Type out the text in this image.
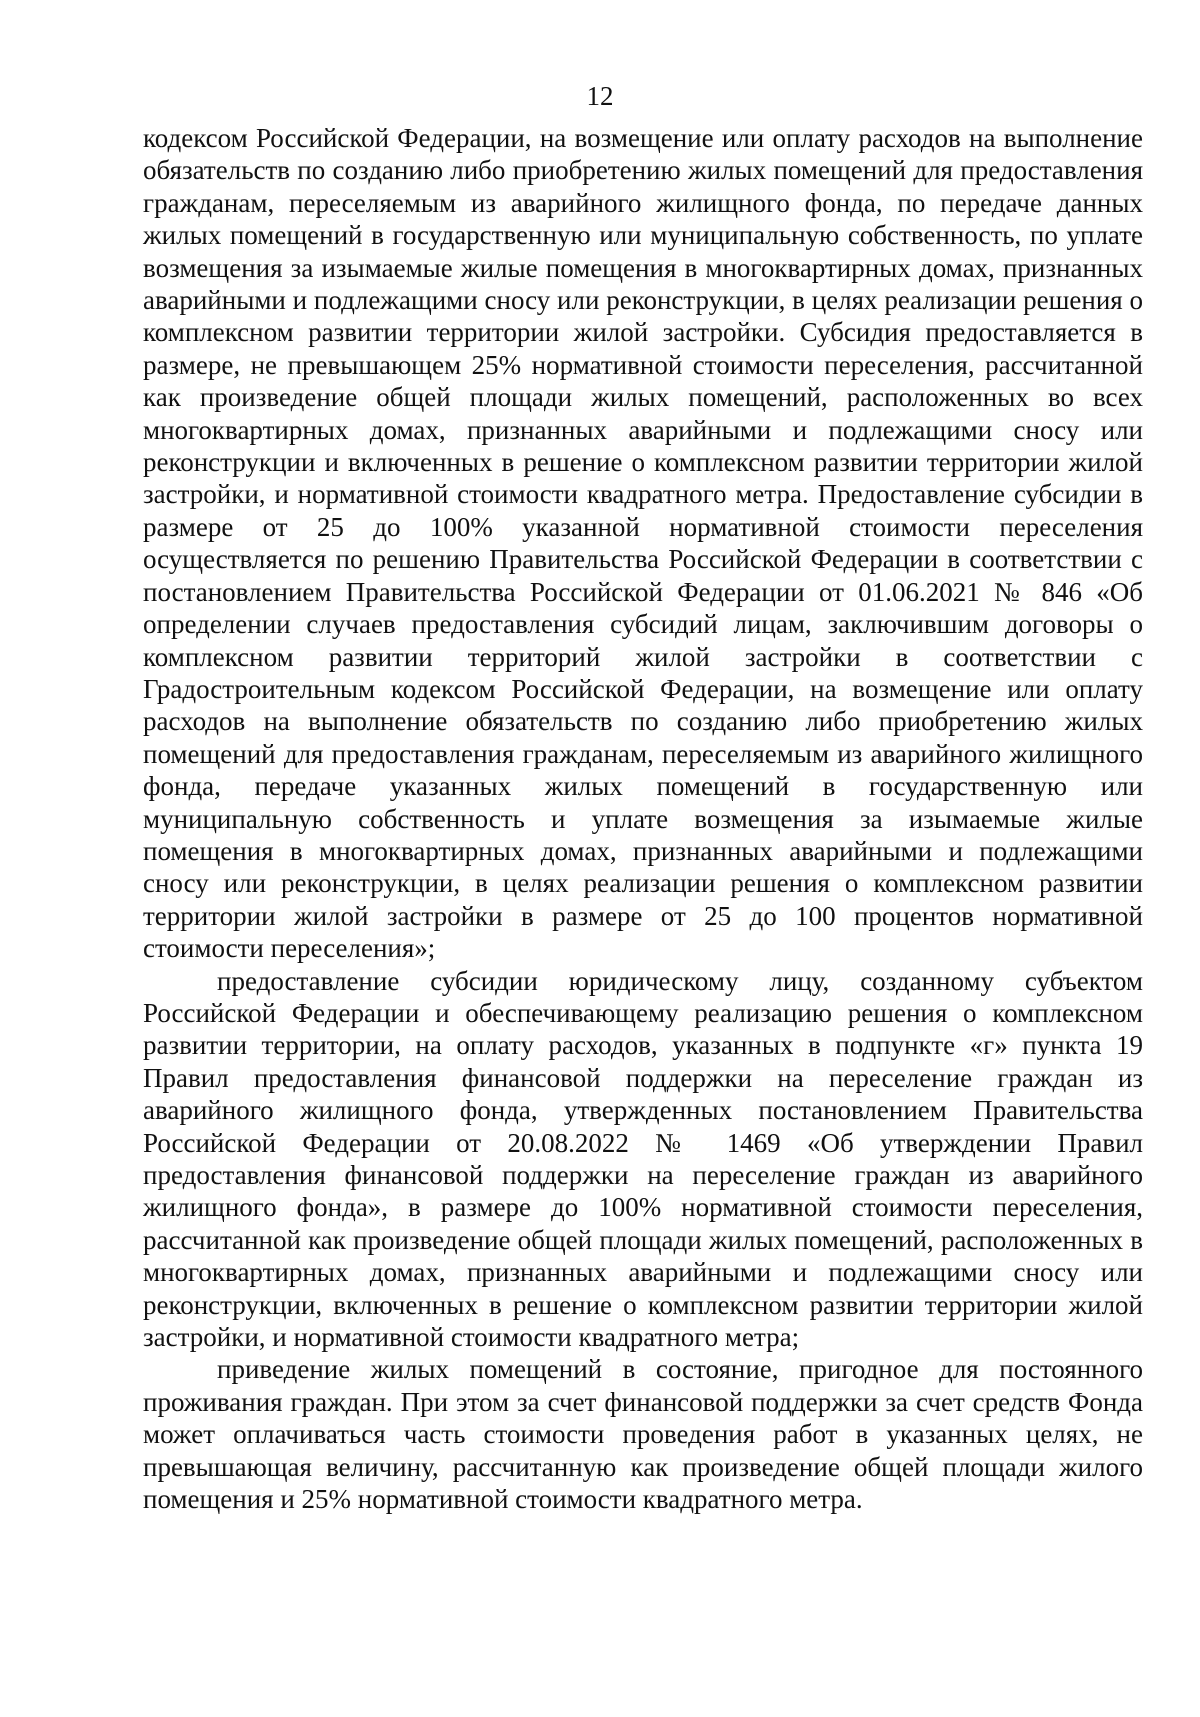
12

кодексом Российской Федерации, на возмещение или оплату расходов на выполнение обязательств по созданию либо приобретению жилых помещений для предоставления гражданам, переселяемым из аварийного жилищного фонда, по передаче данных жилых помещений в государственную или муниципальную собственность, по уплате возмещения за изымаемые жилые помещения в многоквартирных домах, признанных аварийными и подлежащими сносу или реконструкции, в целях реализации решения о комплексном развитии территории жилой застройки. Субсидия предоставляется в размере, не превышающем 25% нормативной стоимости переселения, рассчитанной как произведение общей площади жилых помещений, расположенных во всех многоквартирных домах, признанных аварийными и подлежащими сносу или реконструкции и включенных в решение о комплексном развитии территории жилой застройки, и нормативной стоимости квадратного метра. Предоставление субсидии в размере от 25 до 100% указанной нормативной стоимости переселения осуществляется по решению Правительства Российской Федерации в соответствии с постановлением Правительства Российской Федерации от 01.06.2021 № 846 «Об определении случаев предоставления субсидий лицам, заключившим договоры о комплексном развитии территорий жилой застройки в соответствии с Градостроительным кодексом Российской Федерации, на возмещение или оплату расходов на выполнение обязательств по созданию либо приобретению жилых помещений для предоставления гражданам, переселяемым из аварийного жилищного фонда, передаче указанных жилых помещений в государственную или муниципальную собственность и уплате возмещения за изымаемые жилые помещения в многоквартирных домах, признанных аварийными и подлежащими сносу или реконструкции, в целях реализации решения о комплексном развитии территории жилой застройки в размере от 25 до 100 процентов нормативной стоимости переселения»;

предоставление субсидии юридическому лицу, созданному субъектом Российской Федерации и обеспечивающему реализацию решения о комплексном развитии территории, на оплату расходов, указанных в подпункте «г» пункта 19 Правил предоставления финансовой поддержки на переселение граждан из аварийного жилищного фонда, утвержденных постановлением Правительства Российской Федерации от 20.08.2022 № 1469 «Об утверждении Правил предоставления финансовой поддержки на переселение граждан из аварийного жилищного фонда», в размере до 100% нормативной стоимости переселения, рассчитанной как произведение общей площади жилых помещений, расположенных в многоквартирных домах, признанных аварийными и подлежащими сносу или реконструкции, включенных в решение о комплексном развитии территории жилой застройки, и нормативной стоимости квадратного метра;

приведение жилых помещений в состояние, пригодное для постоянного проживания граждан. При этом за счет финансовой поддержки за счет средств Фонда может оплачиваться часть стоимости проведения работ в указанных целях, не превышающая величину, рассчитанную как произведение общей площади жилого помещения и 25% нормативной стоимости квадратного метра.
